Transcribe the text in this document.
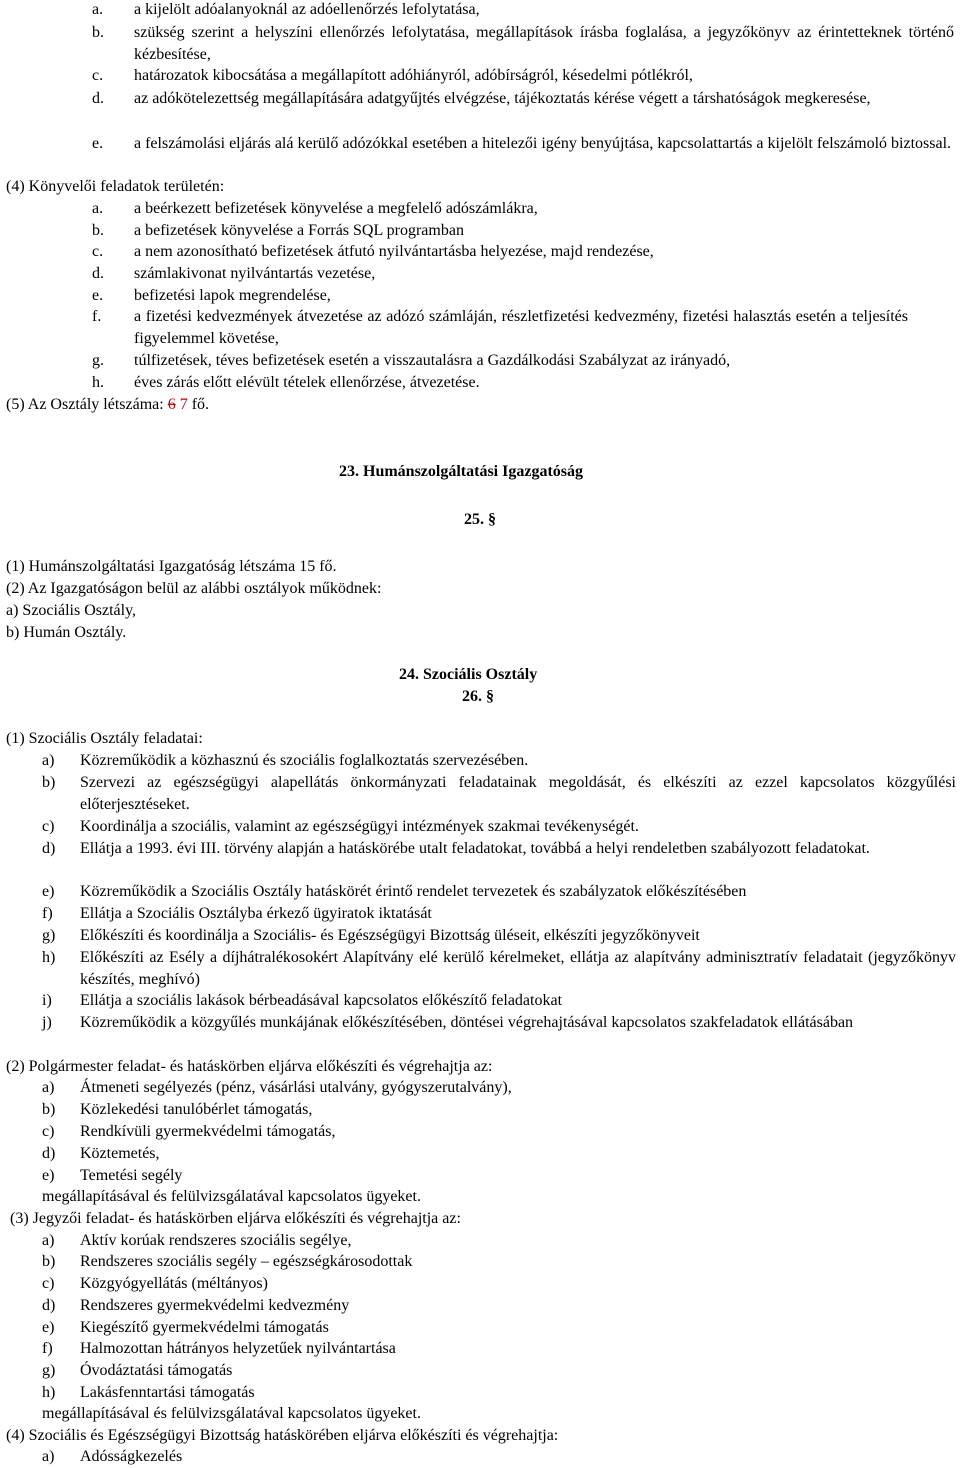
a. a kijelölt adóalanyoknál az adóellenőrzés lefolytatása,
b. szükség szerint a helyszíni ellenőrzés lefolytatása, megállapítások írásba foglalása, a jegyzőkönyv az érintetteknek történő kézbesítése,
c. határozatok kibocsátása a megállapított adóhiányról, adóbírságról, késedelmi pótlékról,
d. az adókötelezettség megállapítására adatgyűjtés elvégzése, tájékoztatás kérése végett a társhatóságok megkeresése,
e. a felszámolási eljárás alá kerülő adózókkal esetében a hitelezői igény benyújtása, kapcsolattartás a kijelölt felszámoló biztossal.
(4) Könyvelői feladatok területén:
a. a beérkezett befizetések könyvelése a megfelelő adószámlákra,
b. a befizetések könyvelése a Forrás SQL programban
c. a nem azonosítható befizetések átfutó nyilvántartásba helyezése, majd rendezése,
d. számlakivonat nyilvántartás vezetése,
e. befizetési lapok megrendelése,
f. a fizetési kedvezmények átvezetése az adózó számláján, részletfizetési kedvezmény, fizetési halasztás esetén a teljesítés figyelemmel követése,
g. túlfizetések, téves befizetések esetén a visszautalásra a Gazdálkodási Szabályzat az irányadó,
h. éves zárás előtt elévült tételek ellenőrzése, átvezetése.
(5) Az Osztály létszáma: 6 7 fő.
23. Humánszolgáltatási Igazgatóság
25. §
(1) Humánszolgáltatási Igazgatóság létszáma 15 fő.
(2) Az Igazgatóságon belül az alábbi osztályok működnek:
a) Szociális Osztály,
b) Humán Osztály.
24. Szociális Osztály
26. §
(1) Szociális Osztály feladatai:
a) Közreműködik a közhasznú és szociális foglalkoztatás szervezésében.
b) Szervezi az egészségügyi alapellátás önkormányzati feladatainak megoldását, és elkészíti az ezzel kapcsolatos közgyűlési előterjesztéseket.
c) Koordinálja a szociális, valamint az egészségügyi intézmények szakmai tevékenységét.
d) Ellátja a 1993. évi III. törvény alapján a hatáskörébe utalt feladatokat, továbbá a helyi rendeletben szabályozott feladatokat.
e) Közreműködik a Szociális Osztály hatáskörét érintő rendelet tervezetek és szabályzatok előkészítésében
f) Ellátja a Szociális Osztályba érkező ügyiratok iktatását
g) Előkészíti és koordinálja a Szociális- és Egészségügyi Bizottság üléseit, elkészíti jegyzőkönyveit
h) Előkészíti az Esély a díjhátralékosokért Alapítvány elé kerülő kérelmeket, ellátja az alapítvány adminisztratív feladatait (jegyzőkönyv készítés, meghívó)
i) Ellátja a szociális lakások bérbeadásával kapcsolatos előkészítő feladatokat
j) Közreműködik a közgyűlés munkájának előkészítésében, döntései végrehajtásával kapcsolatos szakfeladatok ellátásában
(2) Polgármester feladat- és hatáskörben eljárva előkészíti és végrehajtja az:
a) Átmeneti segélyezés (pénz, vásárlási utalvány, gyógyszerutalvány),
b) Közlekedési tanulóbérlet támogatás,
c) Rendkívüli gyermekvédelmi támogatás,
d) Köztemetés,
e) Temetési segély
megállapításával és felülvizsgálatával kapcsolatos ügyeket.
(3) Jegyzői feladat- és hatáskörben eljárva előkészíti és végrehajtja az:
a) Aktív korúak rendszeres szociális segélye,
b) Rendszeres szociális segély – egészségkárosodottak
c) Közgyógyellátás (méltányos)
d) Rendszeres gyermekvédelmi kedvezmény
e) Kiegészítő gyermekvédelmi támogatás
f) Halmozottan hátrányos helyzetűek nyilvántartása
g) Óvodáztatási támogatás
h) Lakásfenntartási támogatás
megállapításával és felülvizsgálatával kapcsolatos ügyeket.
(4) Szociális és Egészségügyi Bizottság hatáskörében eljárva előkészíti és végrehajtja:
a) Adósságkezelés
